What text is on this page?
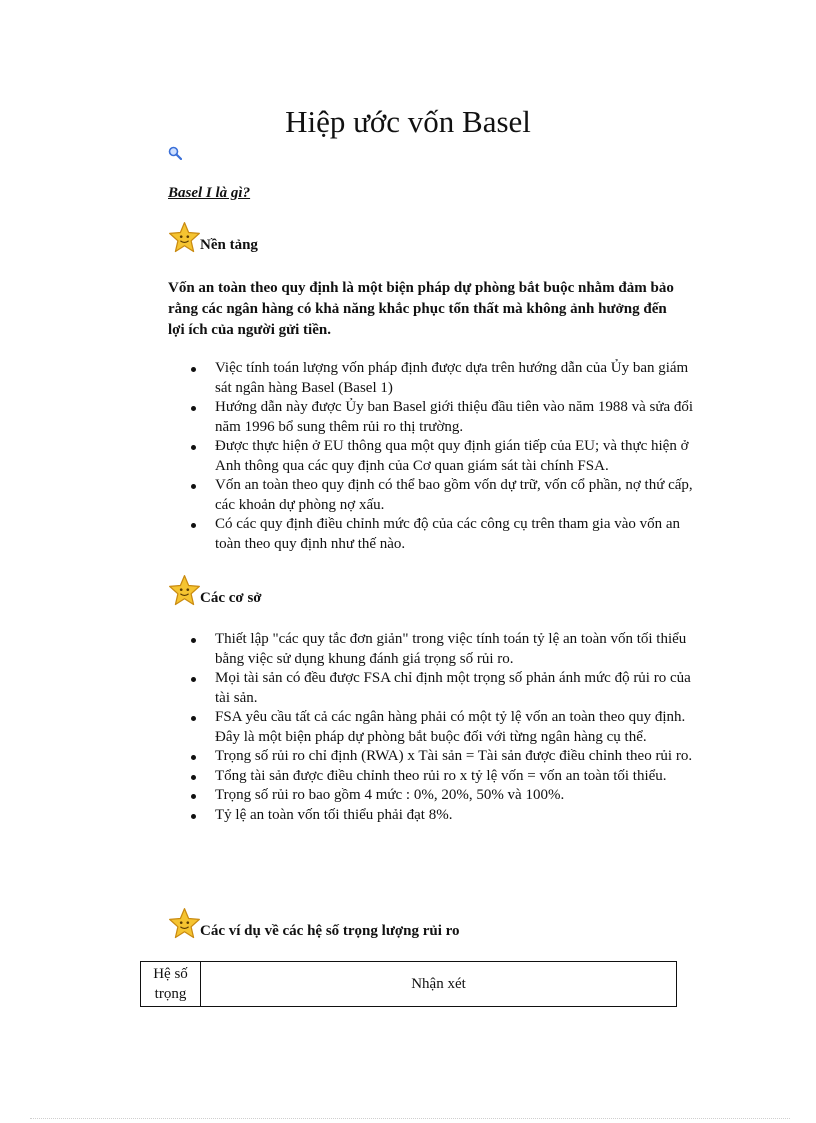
Hiệp ước vốn Basel
Basel I là gì?
Nền tảng

Vốn an toàn theo quy định là một biện pháp dự phòng bắt buộc nhằm đảm bảo rằng các ngân hàng có khả năng khắc phục tổn thất mà không ảnh hưởng đến lợi ích của người gửi tiền.

Việc tính toán lượng vốn pháp định được dựa trên hướng dẫn của Ủy ban giám sát ngân hàng Basel (Basel 1)
Hướng dẫn này được Ủy ban Basel giới thiệu đầu tiên vào năm 1988 và sửa đổi năm 1996 bổ sung thêm rủi ro thị trường.
Được thực hiện ở EU thông qua một quy định gián tiếp của EU; và thực hiện ở Anh thông qua các quy định của Cơ quan giám sát tài chính FSA.
Vốn an toàn theo quy định có thể bao gồm vốn dự trữ, vốn cổ phần, nợ thứ cấp, các khoản dự phòng nợ xấu.
Có các quy định điều chỉnh mức độ của các công cụ trên tham gia vào vốn an toàn theo quy định như thế nào.
Các cơ sở
Thiết lập "các quy tắc đơn giản" trong việc tính toán tỷ lệ an toàn vốn tối thiểu bằng việc sử dụng khung đánh giá trọng số rủi ro.
Mọi tài sản có đều được FSA chỉ định một trọng số phản ánh mức độ rủi ro của tài sản.
FSA yêu cầu tất cả các ngân hàng phải có một tỷ lệ vốn an toàn theo quy định. Đây là một biện pháp dự phòng bắt buộc đối với từng ngân hàng cụ thể.
Trọng số rủi ro chỉ định (RWA) x Tài sản = Tài sản được điều chỉnh theo rủi ro.
Tổng tài sản được điều chỉnh theo rủi ro x tỷ lệ vốn = vốn an toàn tối thiểu.
Trọng số rủi ro bao gồm 4 mức : 0%, 20%, 50% và 100%.
Tỷ lệ an toàn vốn tối thiểu phải đạt 8%.
Các ví dụ về các hệ số trọng lượng rủi ro
Hệ số trọng	Nhận xét
